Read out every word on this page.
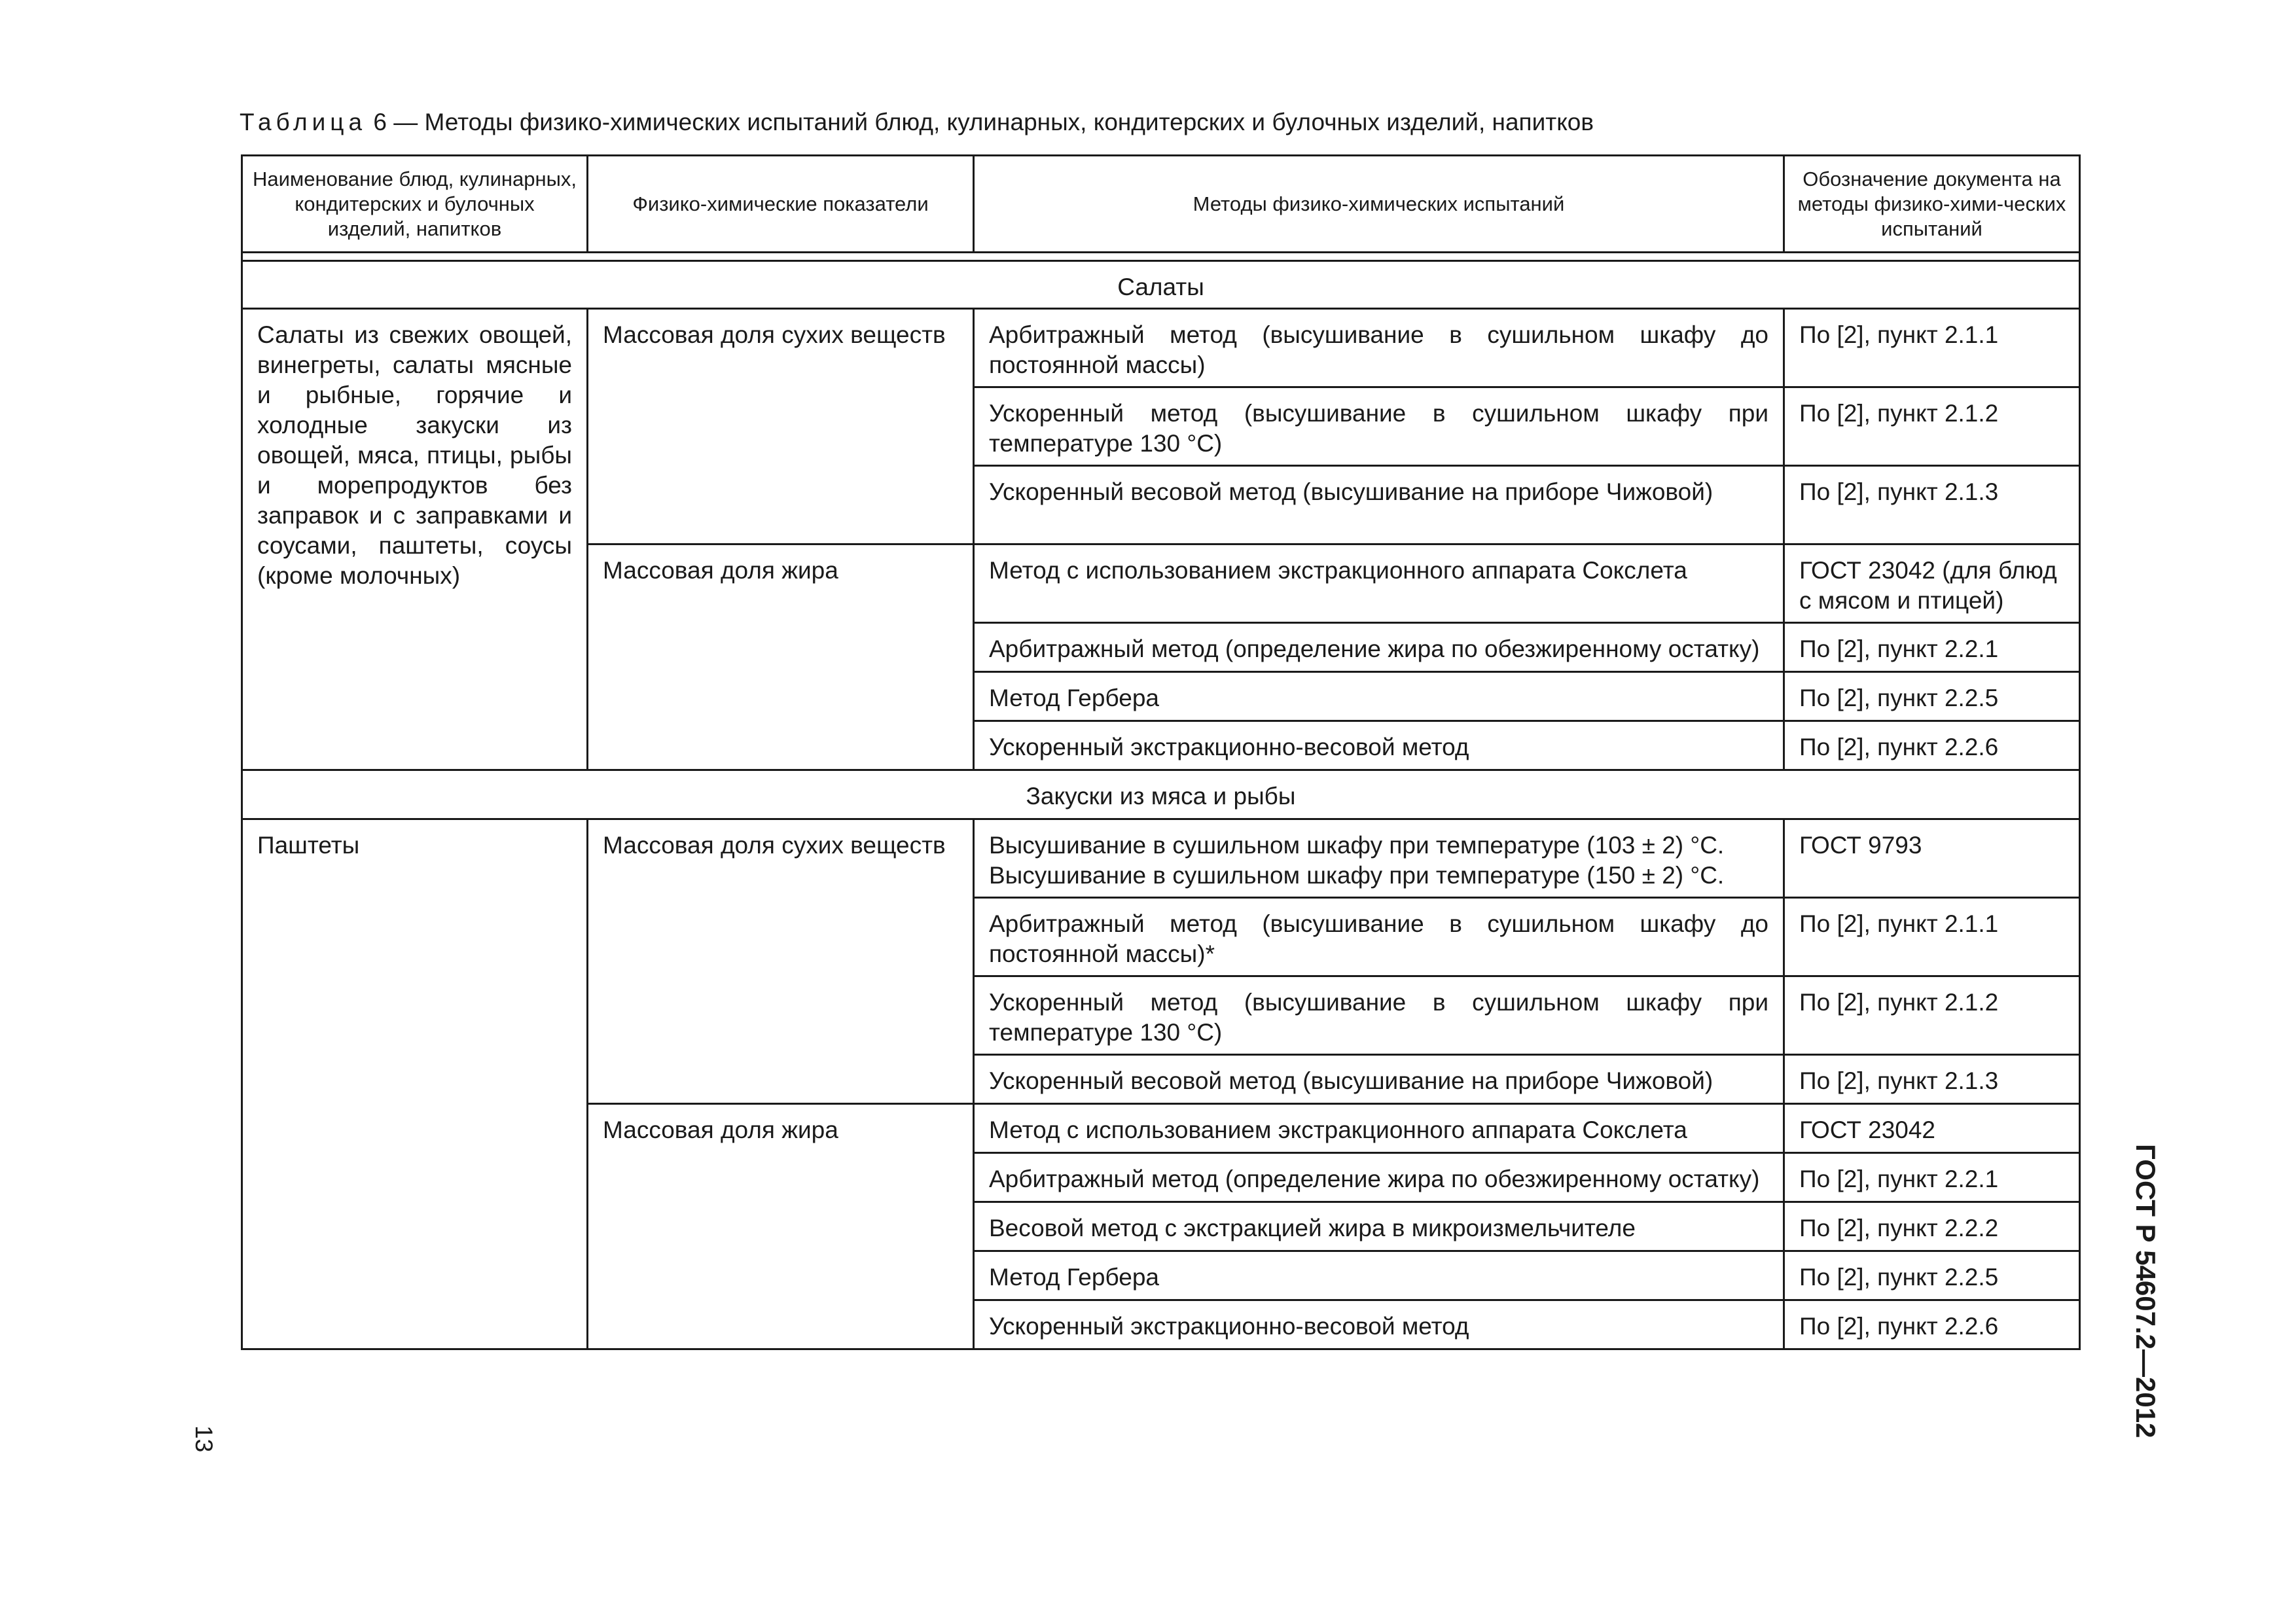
Таблица 6 — Методы физико-химических испытаний блюд, кулинарных, кондитерских и булочных изделий, напитков
Наименование блюд, кулинарных, кондитерских и булочных изделий, напитков	Физико-химические показатели	Методы физико-химических испытаний	Обозначение документа на методы физико-хими-ческих испытаний

Салаты			
Салаты из свежих овощей, винегреты, салаты мясные и рыбные, горячие и холодные закуски из овощей, мяса, птицы, рыбы и морепродуктов без заправок и с заправками и соусами, паштеты, соусы (кроме молочных)	Массовая доля сухих веществ	Арбитражный метод (высушивание в сушильном шкафу до постоянной массы)	По [2], пункт 2.1.1
		Ускоренный метод (высушивание в сушильном шкафу при температуре 130 °С)	По [2], пункт 2.1.2
		Ускоренный весовой метод (высушивание на приборе Чижовой)	По [2], пункт 2.1.3
	Массовая доля жира	Метод с использованием экстракционного аппарата Сокслета	ГОСТ 23042 (для блюд с мясом и птицей)
		Арбитражный метод (определение жира по обезжиренному остатку)	По [2], пункт 2.2.1
		Метод Гербера	По [2], пункт 2.2.5
		Ускоренный экстракционно-весовой метод	По [2], пункт 2.2.6
Закуски из мяса и рыбы			
Паштеты	Массовая доля сухих веществ	Высушивание в сушильном шкафу при температуре (103 ± 2) °С. Высушивание в сушильном шкафу при температуре (150 ± 2) °С.	ГОСТ 9793
		Арбитражный метод (высушивание в сушильном шкафу до постоянной массы)*	По [2], пункт 2.1.1
		Ускоренный метод (высушивание в сушильном шкафу при температуре 130 °С)	По [2], пункт 2.1.2
		Ускоренный весовой метод (высушивание на приборе Чижовой)	По [2], пункт 2.1.3
	Массовая доля жира	Метод с использованием экстракционного аппарата Сокслета	ГОСТ 23042
		Арбитражный метод (определение жира по обезжиренному остатку)	По [2], пункт 2.2.1
		Весовой метод с экстракцией жира в микроизмельчителе	По [2], пункт 2.2.2
		Метод Гербера	По [2], пункт 2.2.5
		Ускоренный экстракционно-весовой метод	По [2], пункт 2.2.6
13
ГОСТ Р 54607.2—2012
